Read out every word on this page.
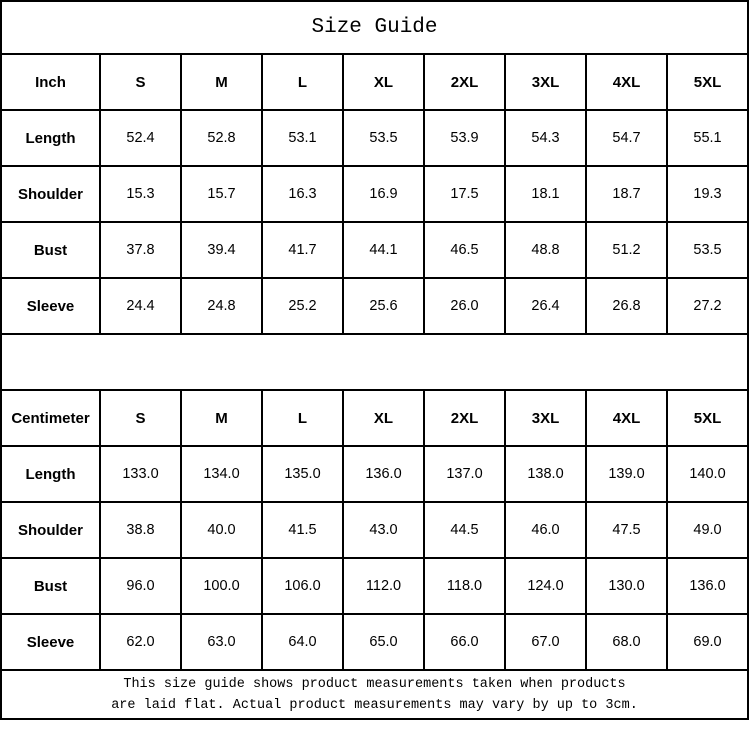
Size Guide								
Inch	S	M	L	XL	2XL	3XL	4XL	5XL
Length	52.4	52.8	53.1	53.5	53.9	54.3	54.7	55.1
Shoulder	15.3	15.7	16.3	16.9	17.5	18.1	18.7	19.3
Bust	37.8	39.4	41.7	44.1	46.5	48.8	51.2	53.5
Sleeve	24.4	24.8	25.2	25.6	26.0	26.4	26.8	27.2

Centimeter	S	M	L	XL	2XL	3XL	4XL	5XL
Length	133.0	134.0	135.0	136.0	137.0	138.0	139.0	140.0
Shoulder	38.8	40.0	41.5	43.0	44.5	46.0	47.5	49.0
Bust	96.0	100.0	106.0	112.0	118.0	124.0	130.0	136.0
Sleeve	62.0	63.0	64.0	65.0	66.0	67.0	68.0	69.0

This size guide shows product measurements taken when products
are laid flat. Actual product measurements may vary by up to 3cm.								
